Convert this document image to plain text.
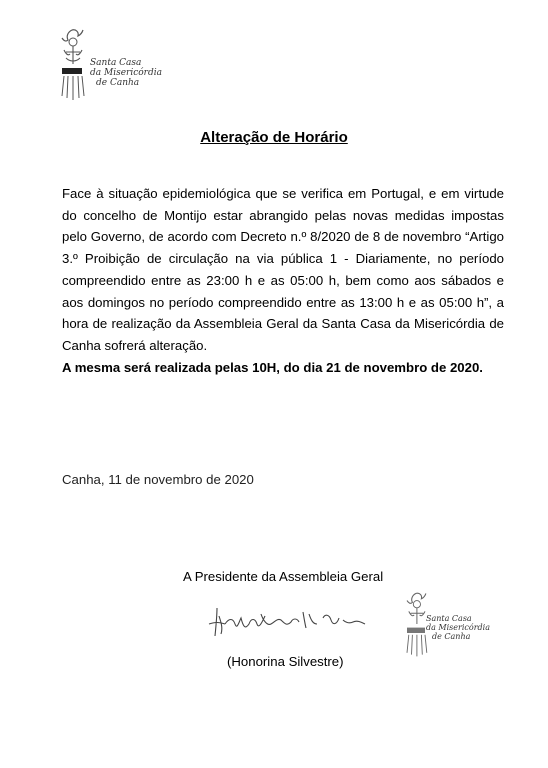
Santa Casa
da Misericórdia
de Canha
Alteração de Horário

Face à situação epidemiológica que se verifica em Portugal, e em virtude do concelho de Montijo estar abrangido pelas novas medidas impostas pelo Governo, de acordo com Decreto n.º 8/2020 de 8 de novembro “Artigo 3.º Proibição de circulação na via pública 1 - Diariamente, no período compreendido entre as 23:00 h e as 05:00 h, bem como aos sábados e aos domingos no período compreendido entre as 13:00 h e as 05:00 h”, a hora de realização da Assembleia Geral da Santa Casa da Misericórdia de Canha sofrerá alteração.

A mesma será realizada pelas 10H, do dia 21 de novembro de 2020.
Canha, 11 de novembro de 2020
A Presidente da Assembleia Geral
(Honorina Silvestre)
Santa Casa
da Misericórdia
de Canha
